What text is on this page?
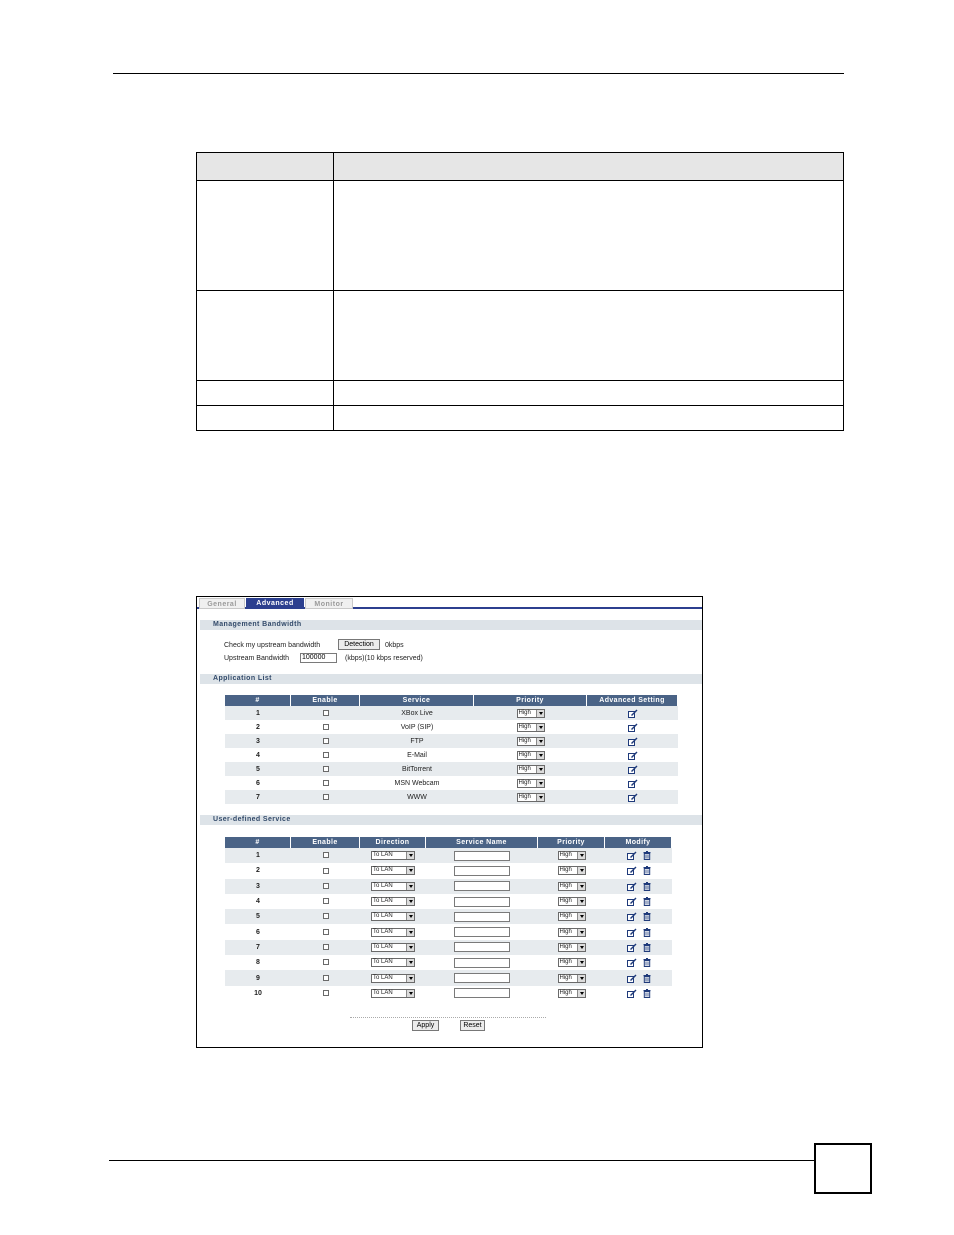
General	Advanced	Monitor
Management Bandwidth
Check my upstream bandwidth	Detection	0kbps
Upstream Bandwidth 100000	(kbps)(10 kbps reserved)
Application List
#	Enable	Service	Priority	Advanced Setting
1		XBox Live	High

2		VoIP (SIP)	High

3		FTP	High

4		E-Mail	High

5		BitTorrent	High

6		MSN Webcam	High

7		WWW	High

User-defined Service
#	Enable	Direction	Service Name	Priority	Modify
1		To LAN		High

2		To LAN		High

3		To LAN		High

4		To LAN		High

5		To LAN		High

6		To LAN		High

7		To LAN		High

8		To LAN		High

9		To LAN		High

10		To LAN		High

Apply	Reset
